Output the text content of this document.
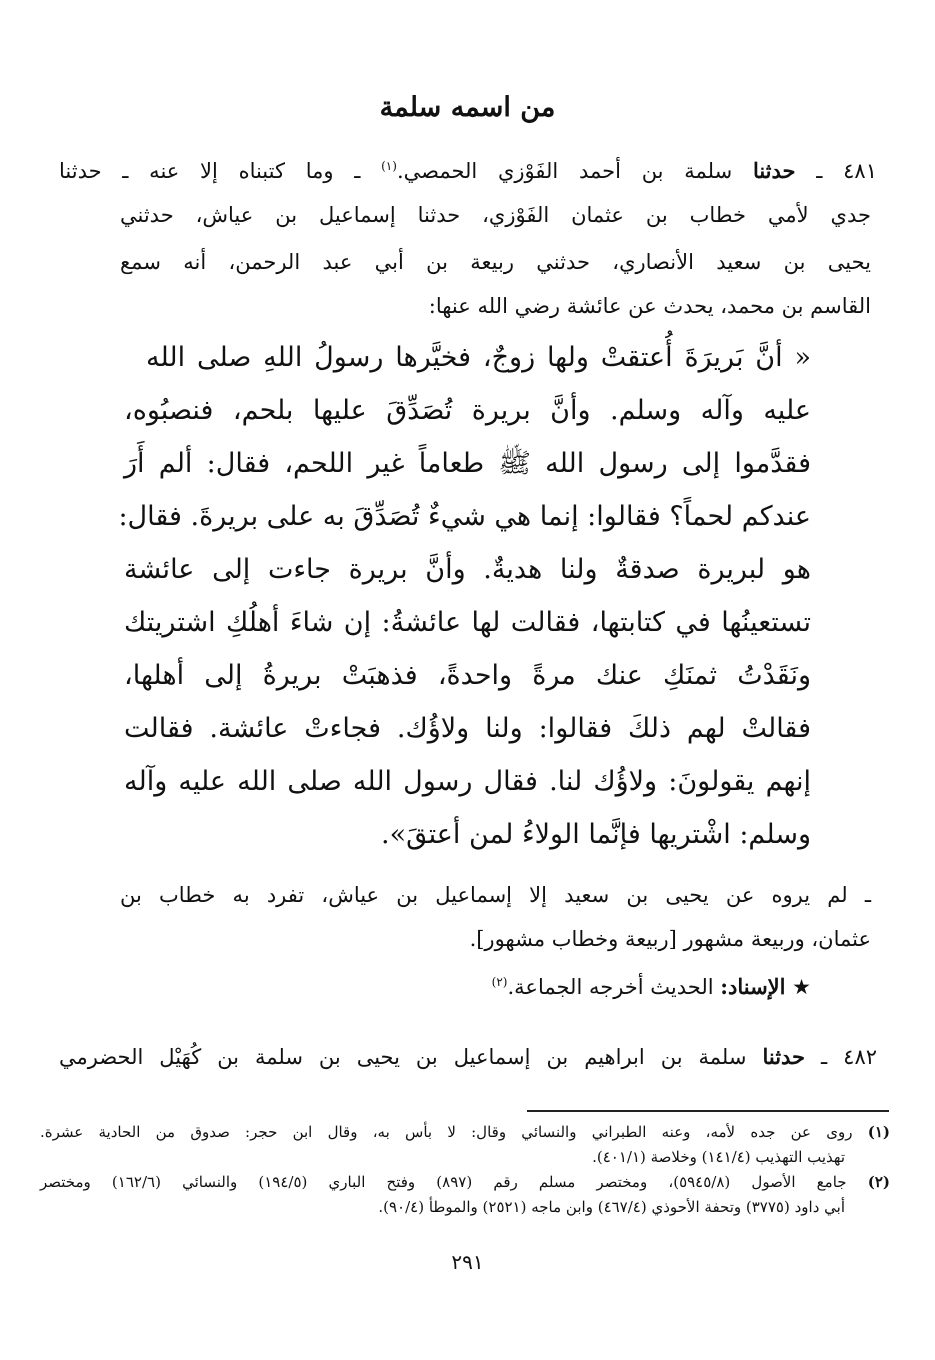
من اسمه سلمة
٤٨١ ـ حدثنا سلمة بن أحمد الفَوْزي الحمصي.$^{(١)}$ ـ وما كتبناه إلا عنه ـ حدثنا
جدي لأمي خطاب بن عثمان الفَوْزي، حدثنا إسماعيل بن عياش، حدثني
يحيى بن سعيد الأنصاري، حدثني ربيعة بن أبي عبد الرحمن، أنه سمع
القاسم بن محمد، يحدث عن عائشة رضي الله عنها:
« أنَّ بَريرَةَ أُعتقتْ ولها زوجٌ، فخيَّرها رسولُ اللهِ صلى الله
عليه وآله وسلم. وأنَّ بريرة تُصَدِّقَ عليها بلحم، فنصبُوه،
فقدَّموا إلى رسول الله ﷺ طعاماً غير اللحم، فقال: ألم أَرَ
عندكم لحماً؟ فقالوا: إنما هي شيءٌ تُصَدِّقَ به على بريرةَ. فقال:
هو لبريرة صدقةٌ ولنا هديةٌ. وأنَّ بريرة جاءت إلى عائشة
تستعينُها في كتابتها، فقالت لها عائشةُ: إن شاءَ أهلُكِ اشتريتك
ونَقَدْتُ ثمنَكِ عنك مرةً واحدةً، فذهبَتْ بريرةُ إلى أهلها،
فقالتْ لهم ذلكَ فقالوا: ولنا ولاؤُك. فجاءتْ عائشة. فقالت
إنهم يقولونَ: ولاؤُك لنا. فقال رسول الله صلى الله عليه وآله
وسلم: اشْتريها فإنَّما الولاءُ لمن أعتقَ».
ـ لم يروه عن يحيى بن سعيد إلا إسماعيل بن عياش، تفرد به خطاب بن
عثمان، وربيعة مشهور [ربيعة وخطاب مشهور].
★ الإسناد: الحديث أخرجه الجماعة.$^{(٢)}$
٤٨٢ ـ حدثنا سلمة بن ابراهيم بن إسماعيل بن يحيى بن سلمة بن كُهَيْل الحضرمي
(١) روى عن جده لأمه، وعنه الطبراني والنسائي وقال: لا بأس به، وقال ابن حجر: صدوق من الحادية عشرة.
تهذيب التهذيب (١٤١/٤) وخلاصة (٤٠١/١).
(٢) جامع الأصول (٥٩٤٥/٨)، ومختصر مسلم رقم (٨٩٧) وفتح الباري (١٩٤/٥) والنسائي (١٦٢/٦) ومختصر
أبي داود (٣٧٧٥) وتحفة الأحوذي (٤٦٧/٤) وابن ماجه (٢٥٢١) والموطأ (٩٠/٤).
٢٩١
